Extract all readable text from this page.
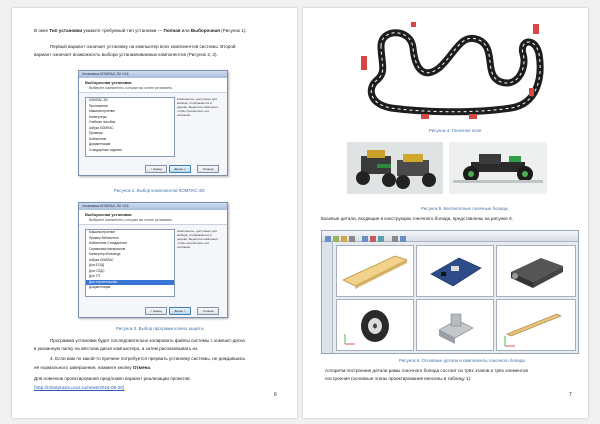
В окне Тип установки укажите требуемый тип установки — Полная или Выборочная (Рисунок 1).
Первый вариант означает установку на компьютер всех компонентов системы. Второй
вариант означает возможность выбора устанавливаемых компонентов (Рисунок 2, 3).
Установка КОМПАС-3D V16
Выборочная установка
Выберите компоненты, которые вы хотите установить.
КОМПАС-3D
Приложения
Машиностроение
Конвертеры
Учебные пособия
Азбука КОМПАС
Примеры
Библиотеки
Документация
Стандартные изделия
Компоненты, доступные для выбора, отображаются в дереве. Выделите компонент, чтобы просмотреть его описание.
< Назад	Далее >	Отмена
Рисунок 2. Выбор компонентов КОМПАС-3D
Установка КОМПАС-3D V16
Выборочная установка
Выберите компоненты, которые вы хотите установить.
Машиностроение
Пример библиотеки
Библиотека Стандартные
Справочник материалов
Конвертер eDrawings
Азбука КОМПАС
Для ЕСКД
Для СПДС
Для ТП
Для строительства
Документация
Компоненты, доступные для выбора, отображаются в дереве. Выделите компонент, чтобы просмотреть его описание.
< Назад	Далее >	Отмена
Рисунок 3. Выбор программ ключа защиты
Программа установки будет последовательно копировать файлы системы с компакт-диска
в указанную папку на жёстком диске компьютера, а затем распаковывать их.
4. Если вам по какой-то причине потребуется прервать установку системы, не дождавшись
её нормального завершения, нажмите кнопку Отмена.
Для новичков проектирования предложен вариант реализации проектов:
(http://robotpraxis.ucoz.ru/news/2016-06-20)
6
Рисунок 4. Гоночное поле
Рисунок 5. Беспилотные гоночные болиды
Базовые детали, входящие в конструкцию гоночного болида, представлены на рисунке 6.
Рисунок 6. Основные детали и компоненты гоночного болида
Алгоритм построения детали рамы гоночного болида состоит из трёх этапов и трёх элементов
построения (основные этапы проектирования внесены в таблицу 1).
7
